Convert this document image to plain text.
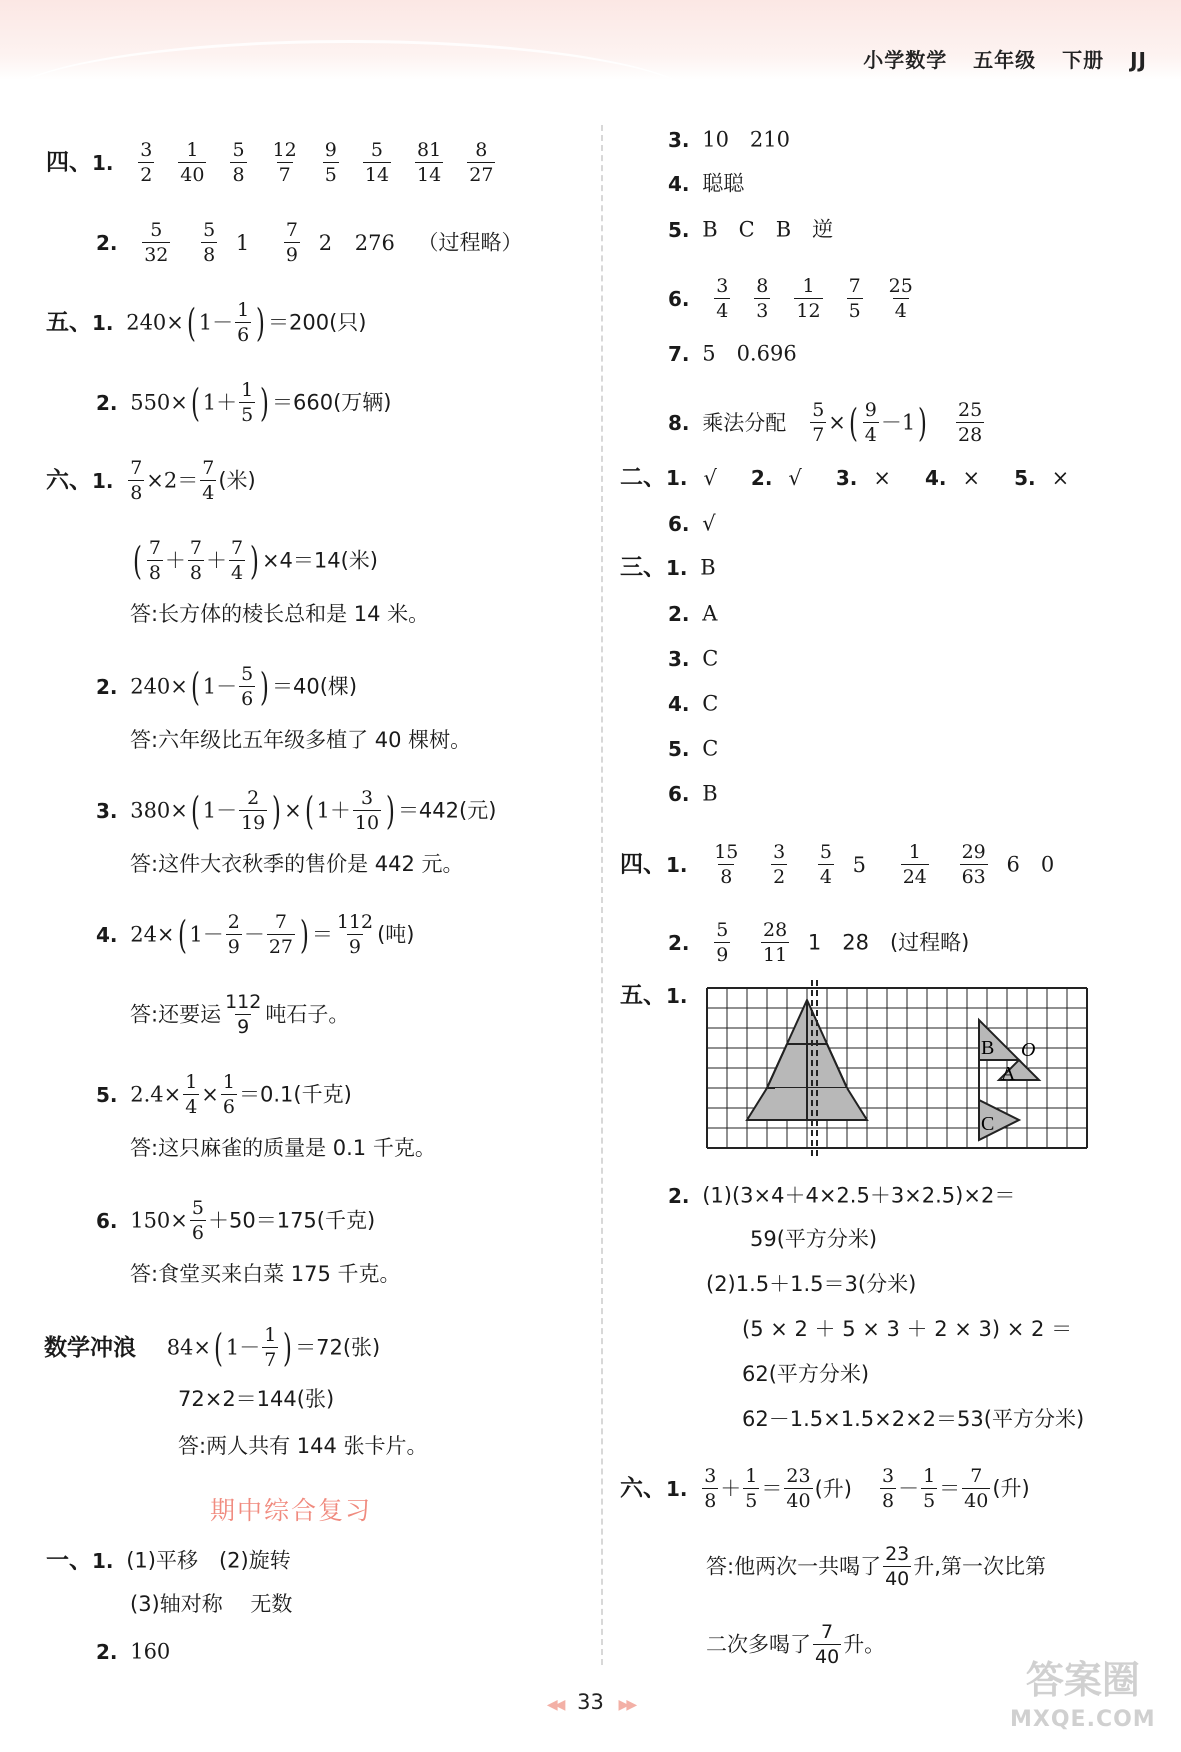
小学数学 五年级 下册 JJ
四、1. $\frac{3}{2} \frac{1}{40} \frac{5}{8} \frac{12}{7} \frac{9}{5} \frac{5}{14} \frac{81}{14} \frac{8}{27}$
2. $\frac{5}{32}$
$\frac{5}{8} 1 \frac{7}{9} 2$ 276 （过程略）
五、1. 240×( $1- \frac{1}{6}$ ) ＝200(只)
2. 550×( $1+ \frac{1}{5}$ ) ＝660(万辆)
六、1. $\frac{7}{8} \times 2= \frac{7}{4}$ (米)
( $\frac{7}{8} + \frac{7}{8} + \frac{7}{4}$ ) ×4＝14(米)
答:长方体的棱长总和是 14 米。
2. 240×( $1- \frac{5}{6}$ ) ＝40(棵)
答:六年级比五年级多植了 40 棵树。
3. 380×( $1- \frac{2}{19}$ ) ×( $1+ \frac{3}{10}$ ) ＝442(元)
答:这件大衣秋季的售价是 442 元。
4. 24×( $1- \frac{2}{9} - \frac{7}{27}$ ) ＝ $\frac{112}{9}$ (吨)
答:还要运 $\frac{112}{9}$ 吨石子。
5. $2.4\times \frac{1}{4} \times \frac{1}{6} =0.1$(千克)
答:这只麻雀的质量是 0.1 千克。
6. $150\times \frac{5}{6} +50=175$(千克)
答:食堂买来白菜 175 千克。
数学冲浪 84×( $1- \frac{1}{7}$ ) ＝72(张)
72×2＝144(张)
答:两人共有 144 张卡片。
期中综合复习
一、1. (1)平移　(2)旋转
(3)轴对称　 无数
2. 160
3. 10　210
4. 聪聪
5. B　C　B　逆
6. $\frac{3}{4} \frac{8}{3} \frac{1}{12} \frac{7}{5} \frac{25}{4}$
7. 5　0.696
8. 乘法分配 $\frac{5}{7}$ ×( $\frac{9}{4} -1) \frac{25}{28}$
二、1. √ 2. √ 3. × 4. × 5. ×
6. √
三、1. B
2. A
3. C
4. C
5. C
6. B
四、1. $\frac{15}{8}$
$\frac{3}{2}$
$\frac{5}{4} 5 \frac{1}{24}$
$\frac{29}{63} 6$　0
2. $\frac{5}{9}$
$\frac{28}{11} 1$　28　(过程略)
五、1.
B O
A
C
2. (1)(3×4＋4×2.5＋3×2.5)×2＝
59(平方分米)
(2)1.5＋1.5＝3(分米)
(5 × 2 ＋ 5 × 3 ＋ 2 × 3) × 2 ＝
62(平方分米)
62－1.5×1.5×2×2＝53(平方分米)
六、1. $\frac{3}{8} + \frac{1}{5} = \frac{23}{40}$ (升) $\frac{3}{8} - \frac{1}{5} = \frac{7}{40}$ (升)
答:他两次一共喝了 $\frac{23}{40}$ 升,第一次比第
二次多喝了 $\frac{7}{40}$ 升。
◀◀ 33 ▶▶
答案圈
MXQE.COM
